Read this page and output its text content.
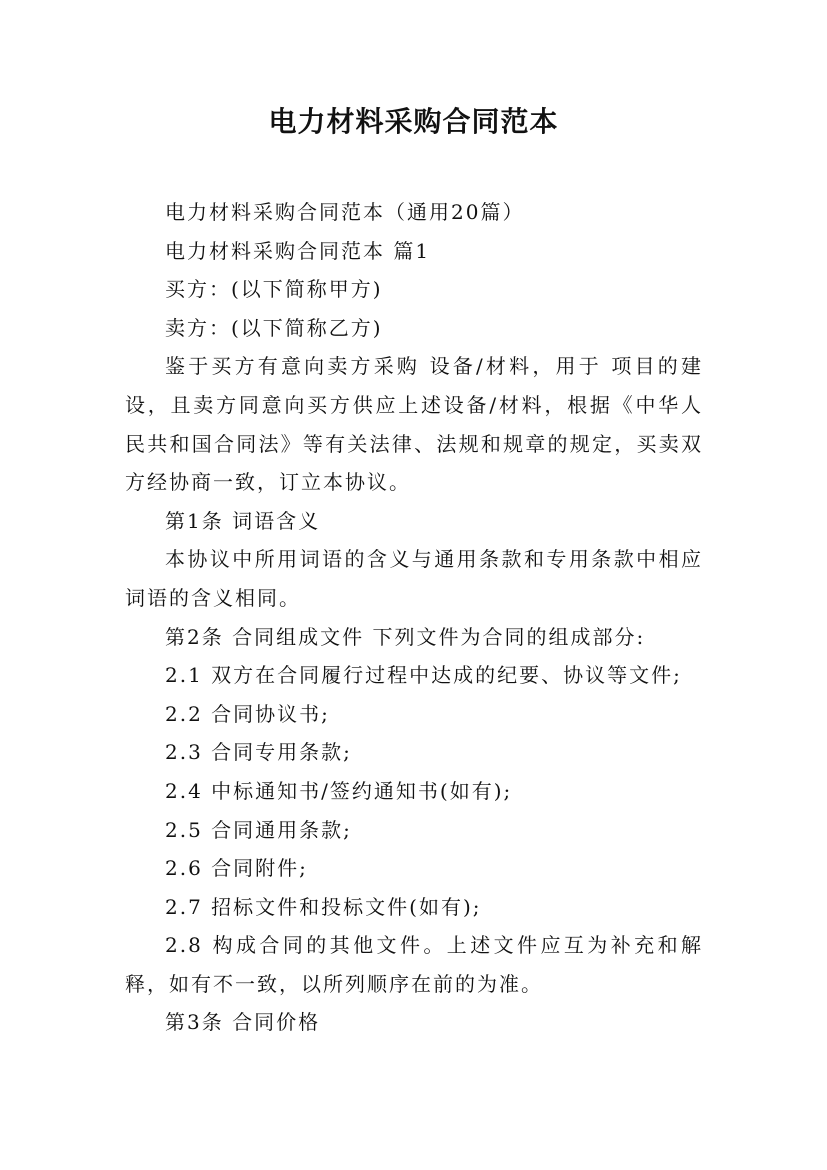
电力材料采购合同范本

电力材料采购合同范本（通用20篇）

电力材料采购合同范本 篇1

买方：(以下简称甲方)

卖方：(以下简称乙方)

鉴于买方有意向卖方采购 设备/材料，用于 项目的建设，且卖方同意向买方供应上述设备/材料，根据《中华人民共和国合同法》等有关法律、法规和规章的规定，买卖双方经协商一致，订立本协议。

第1条 词语含义

本协议中所用词语的含义与通用条款和专用条款中相应词语的含义相同。

第2条 合同组成文件 下列文件为合同的组成部分:

2.1 双方在合同履行过程中达成的纪要、协议等文件;

2.2 合同协议书;

2.3 合同专用条款;

2.4 中标通知书/签约通知书(如有);

2.5 合同通用条款;

2.6 合同附件;

2.7 招标文件和投标文件(如有);

2.8 构成合同的其他文件。上述文件应互为补充和解释，如有不一致，以所列顺序在前的为准。

第3条 合同价格
